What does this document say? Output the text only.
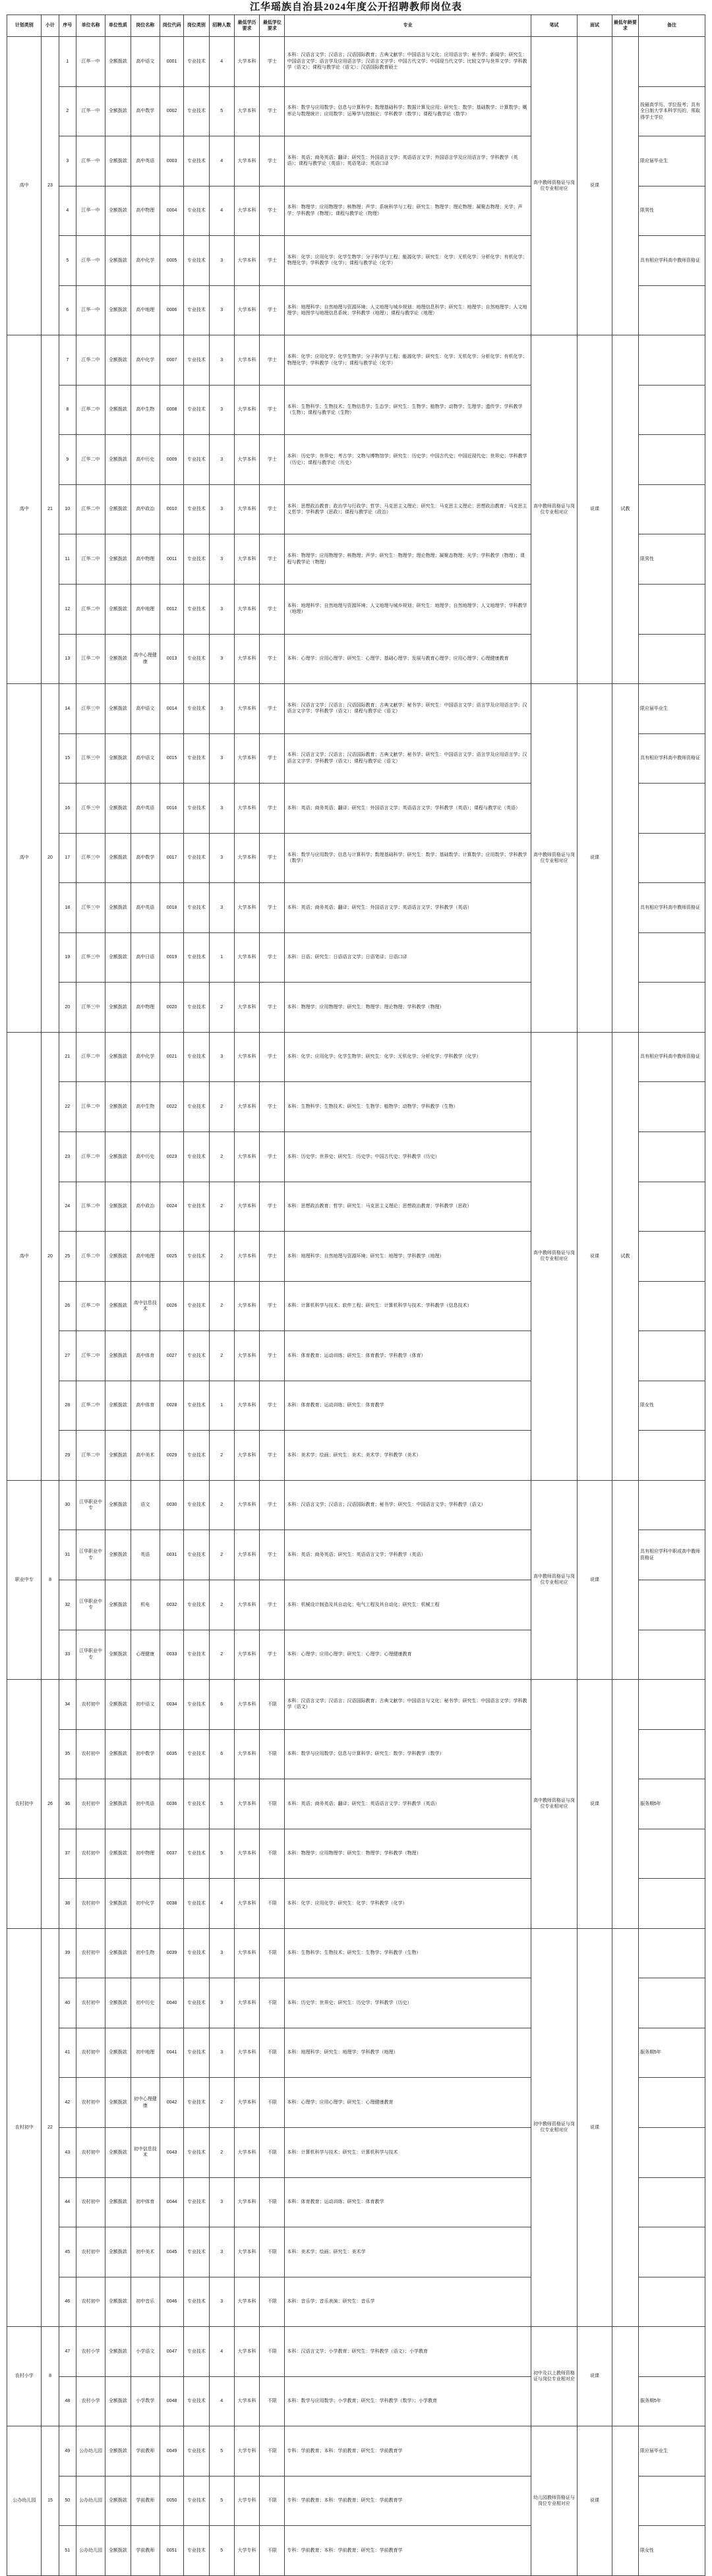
江华瑶族自治县2024年度公开招聘教师岗位表
计划类别	小计	序号	单位名称	单位性质	岗位名称	岗位代码	岗位类别	招聘人数	最低学历要求	最低学位要求	专业	笔试	面试	最低年龄要求	备注
高中	23	1	江华一中	全额拨款	高中语文	0001	专业技术	4	大学本科	学士	本科：汉语言文学；汉语言；汉语国际教育；古典文献学；中国语言与文化；应用语言学；秘书学；新闻学；研究生：中国语言文学；语言学及应用语言学；汉语言文字学；中国古代文学；中国现当代文学；比较文学与世界文学；学科教学（语文）；课程与教学论（语文）；汉语国际教育硕士	高中教师资格证与岗位专业相对应	说课		
		2	江华一中	全额拨款	高中数学	0002	专业技术	5	大学本科	学士	本科：数学与应用数学；信息与计算科学；数理基础科学；数据计算及应用；研究生：数学；基础数学；计算数学；概率论与数理统计；应用数学；运筹学与控制论；学科教学（数学）；课程与教学论（数学）				按最高学历、学位报考；具有全日制大学本科学历的，须取得学士学位
		3	江华一中	全额拨款	高中英语	0003	专业技术	4	大学本科	学士	本科：英语；商务英语；翻译；研究生：外国语言文学；英语语言文学；外国语言学及应用语言学；学科教学（英语）；课程与教学论（英语）；英语笔译；英语口译				限应届毕业生
		4	江华一中	全额拨款	高中物理	0004	专业技术	4	大学本科	学士	本科：物理学；应用物理学；核物理；声学；系统科学与工程；研究生：物理学；理论物理；凝聚态物理；光学；声学；学科教学（物理）；课程与教学论（物理）				限男性
		5	江华一中	全额拨款	高中化学	0005	专业技术	3	大学本科	学士	本科：化学；应用化学；化学生物学；分子科学与工程；能源化学；研究生：化学；无机化学；分析化学；有机化学；物理化学；学科教学（化学）；课程与教学论（化学）				具有相应学科高中教师资格证
		6	江华一中	全额拨款	高中地理	0006	专业技术	3	大学本科	学士	本科：地理科学；自然地理与资源环境；人文地理与城乡规划；地理信息科学；研究生：地理学；自然地理学；人文地理学；地图学与地理信息系统；学科教学（地理）；课程与教学论（地理）				
高中	21	7	江华二中	全额拨款	高中化学	0007	专业技术	3	大学本科	学士	本科：化学；应用化学；化学生物学；分子科学与工程；能源化学；研究生：化学；无机化学；分析化学；有机化学；物理化学；学科教学（化学）；课程与教学论（化学）	高中教师资格证与岗位专业相对应	说课	试教	
		8	江华二中	全额拨款	高中生物	0008	专业技术	3	大学本科	学士	本科：生物科学；生物技术；生物信息学；生态学；研究生：生物学；植物学；动物学；生理学；遗传学；学科教学（生物）；课程与教学论（生物）				
		9	江华二中	全额拨款	高中历史	0009	专业技术	3	大学本科	学士	本科：历史学；世界史；考古学；文物与博物馆学；研究生：历史学；中国古代史；中国近现代史；世界史；学科教学（历史）；课程与教学论（历史）				
		10	江华二中	全额拨款	高中政治	0010	专业技术	3	大学本科	学士	本科：思想政治教育；政治学与行政学；哲学；马克思主义理论；研究生：马克思主义理论；思想政治教育；马克思主义哲学；学科教学（思政）；课程与教学论（政治）				
		11	江华二中	全额拨款	高中物理	0011	专业技术	3	大学本科	学士	本科：物理学；应用物理学；核物理；声学；研究生：物理学；理论物理；凝聚态物理；光学；学科教学（物理）；课程与教学论（物理）				限男性
		12	江华二中	全额拨款	高中地理	0012	专业技术	3	大学本科	学士	本科：地理科学；自然地理与资源环境；人文地理与城乡规划；研究生：地理学；自然地理学；人文地理学；学科教学（地理）				
		13	江华二中	全额拨款	高中心理健康	0013	专业技术	3	大学本科	学士	本科：心理学；应用心理学；研究生：心理学；基础心理学；发展与教育心理学；应用心理学；心理健康教育				
高中	20	14	江华三中	全额拨款	高中语文	0014	专业技术	3	大学本科	学士	本科：汉语言文学；汉语言；汉语国际教育；古典文献学；秘书学；研究生：中国语言文学；语言学及应用语言学；汉语言文字学；学科教学（语文）；课程与教学论（语文）	高中教师资格证与岗位专业相对应	说课		限应届毕业生
		15	江华三中	全额拨款	高中语文	0015	专业技术	3	大学本科	学士	本科：汉语言文学；汉语言；汉语国际教育；古典文献学；秘书学；研究生：中国语言文学；语言学及应用语言学；汉语言文字学；学科教学（语文）；课程与教学论（语文）				具有相应学科高中教师资格证
		16	江华三中	全额拨款	高中英语	0016	专业技术	3	大学本科	学士	本科：英语；商务英语；翻译；研究生：外国语言文学；英语语言文学；学科教学（英语）；课程与教学论（英语）				
		17	江华三中	全额拨款	高中数学	0017	专业技术	3	大学本科	学士	本科：数学与应用数学；信息与计算科学；数理基础科学；研究生：数学；基础数学；计算数学；应用数学；学科教学（数学）				
		18	江华三中	全额拨款	高中英语	0018	专业技术	3	大学本科	学士	本科：英语；商务英语；翻译；研究生：外国语言文学；英语语言文学；学科教学（英语）				具有相应学科高中教师资格证
		19	江华三中	全额拨款	高中日语	0019	专业技术	1	大学本科	学士	本科：日语；研究生：日语语言文学；日语笔译；日语口译				
		20	江华三中	全额拨款	高中物理	0020	专业技术	2	大学本科	学士	本科：物理学；应用物理学；研究生：物理学；理论物理；学科教学（物理）				
高中	20	21	江华二中	全额拨款	高中化学	0021	专业技术	3	大学本科	学士	本科：化学；应用化学；化学生物学；研究生：化学；无机化学；分析化学；学科教学（化学）	高中教师资格证与岗位专业相对应	说课	试教	具有相应学科高中教师资格证
		22	江华二中	全额拨款	高中生物	0022	专业技术	2	大学本科	学士	本科：生物科学；生物技术；研究生：生物学；植物学；动物学；学科教学（生物）				
		23	江华二中	全额拨款	高中历史	0023	专业技术	2	大学本科	学士	本科：历史学；世界史；研究生：历史学；中国古代史；学科教学（历史）				
		24	江华二中	全额拨款	高中政治	0024	专业技术	2	大学本科	学士	本科：思想政治教育；哲学；研究生：马克思主义理论；思想政治教育；学科教学（思政）				
		25	江华二中	全额拨款	高中地理	0025	专业技术	2	大学本科	学士	本科：地理科学；自然地理与资源环境；研究生：地理学；学科教学（地理）				
		26	江华二中	全额拨款	高中信息技术	0026	专业技术	2	大学本科	学士	本科：计算机科学与技术；软件工程；研究生：计算机科学与技术；学科教学（信息技术）				
		27	江华二中	全额拨款	高中体育	0027	专业技术	2	大学本科	学士	本科：体育教育；运动训练；研究生：体育教学；学科教学（体育）				
		28	江华二中	全额拨款	高中体育	0028	专业技术	1	大学本科	学士	本科：体育教育；运动训练；研究生：体育教学				限女性
		29	江华二中	全额拨款	高中美术	0029	专业技术	2	大学本科	学士	本科：美术学；绘画；研究生：美术；美术学；学科教学（美术）				
职业中专	8	30	江华职业中专	全额拨款	语文	0030	专业技术	2	大学本科	学士	本科：汉语言文学；汉语言；汉语国际教育；秘书学；研究生：中国语言文学；学科教学（语文）	高中教师资格证与岗位专业相对应	说课		
		31	江华职业中专	全额拨款	英语	0031	专业技术	2	大学本科	学士	本科：英语；商务英语；研究生：英语语言文学；学科教学（英语）				具有相应学科中职或高中教师资格证
		32	江华职业中专	全额拨款	机电	0032	专业技术	2	大学本科	学士	本科：机械设计制造及其自动化；电气工程及其自动化；研究生：机械工程				
		33	江华职业中专	全额拨款	心理健康	0033	专业技术	2	大学本科	学士	本科：心理学；应用心理学；研究生：心理学；心理健康教育				
农村初中	26	34	农村初中	全额拨款	初中语文	0034	专业技术	6	大学本科	不限	本科：汉语言文学；汉语言；汉语国际教育；古典文献学；中国语言与文化；秘书学；研究生：中国语言文学；学科教学（语文）	高中教师资格证与岗位专业相对应	说课		
		35	农村初中	全额拨款	初中数学	0035	专业技术	6	大学本科	不限	本科：数学与应用数学；信息与计算科学；研究生：数学；学科教学（数学）				
		36	农村初中	全额拨款	初中英语	0036	专业技术	5	大学本科	不限	本科：英语；商务英语；翻译；研究生：英语语言文学；学科教学（英语）				服务期5年
		37	农村初中	全额拨款	初中物理	0037	专业技术	5	大学本科	不限	本科：物理学；应用物理学；研究生：物理学；学科教学（物理）				
		38	农村初中	全额拨款	初中化学	0038	专业技术	4	大学本科	不限	本科：化学；应用化学；研究生：化学；学科教学（化学）				
农村初中	22	39	农村初中	全额拨款	初中生物	0039	专业技术	3	大学本科	不限	本科：生物科学；生物技术；研究生：生物学；学科教学（生物）	初中教师资格证与岗位专业相对应	说课		
		40	农村初中	全额拨款	初中历史	0040	专业技术	3	大学本科	不限	本科：历史学；世界史；研究生：历史学；学科教学（历史）				
		41	农村初中	全额拨款	初中地理	0041	专业技术	3	大学本科	不限	本科：地理科学；研究生：地理学；学科教学（地理）				服务期5年
		42	农村初中	全额拨款	初中心理健康	0042	专业技术	2	大学本科	不限	本科：心理学；应用心理学；研究生：心理健康教育				
		43	农村初中	全额拨款	初中信息技术	0043	专业技术	2	大学本科	不限	本科：计算机科学与技术；研究生：计算机科学与技术				
		44	农村初中	全额拨款	初中体育	0044	专业技术	3	大学本科	不限	本科：体育教育；运动训练；研究生：体育教学				
		45	农村初中	全额拨款	初中美术	0045	专业技术	3	大学本科	不限	本科：美术学；绘画；研究生：美术学				
		46	农村初中	全额拨款	初中音乐	0046	专业技术	3	大学本科	不限	本科：音乐学；音乐表演；研究生：音乐学				
农村小学	8	47	农村小学	全额拨款	小学语文	0047	专业技术	4	大学本科	不限	本科：汉语言文学；小学教育；研究生：学科教学（语文）；小学教育	初中及以上教师资格证与岗位专业相对应	说课		
		48	农村小学	全额拨款	小学数学	0048	专业技术	4	大学本科	不限	本科：数学与应用数学；小学教育；研究生：学科教学（数学）；小学教育				服务期5年
公办幼儿园	15	49	公办幼儿园	全额拨款	学前教师	0049	专业技术	5	大学专科	不限	专科：学前教育；本科：学前教育；研究生：学前教育学	幼儿园教师资格证与岗位专业相对应	说课		限应届毕业生
		50	公办幼儿园	全额拨款	学前教师	0050	专业技术	5	大学专科	不限	专科：学前教育；本科：学前教育；研究生：学前教育学				
		51	公办幼儿园	全额拨款	学前教师	0051	专业技术	5	大学专科	不限	专科：学前教育；本科：学前教育；研究生：学前教育学				限女性
